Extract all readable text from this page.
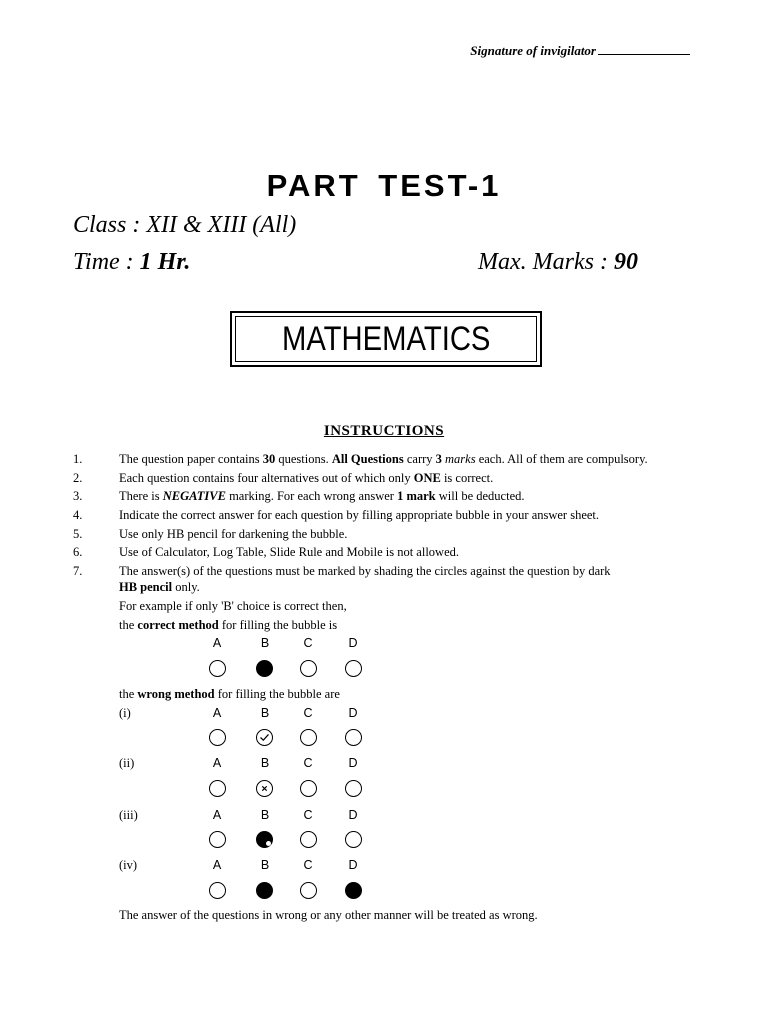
Signature of invigilator
PART TEST-1
Class : XII & XIII (All)
Time : 1 Hr.	Max. Marks : 90
MATHEMATICS
INSTRUCTIONS
1.	The question paper contains 30 questions. All Questions carry 3 marks each. All of them are compulsory.
2.	Each question contains four alternatives out of which only ONE is correct.
3.	There is NEGATIVE marking. For each wrong answer 1 mark will be deducted.
4.	Indicate the correct answer for each question by filling appropriate bubble in your answer sheet.
5.	Use only HB pencil for darkening the bubble.
6.	Use of Calculator, Log Table, Slide Rule and Mobile is not allowed.
7.	The answer(s) of the questions must be marked by shading the circles against the question by dark
HB pencil only.
For example if only 'B' choice is correct then,
the correct method for filling the bubble is
A	B	C	D
the wrong method for filling the bubble are
(i)	A	B	C	D
(ii)	A	B	C	D
(iii)	A	B	C	D
(iv)	A	B	C	D
The answer of the questions in wrong or any other manner will be treated as wrong.
